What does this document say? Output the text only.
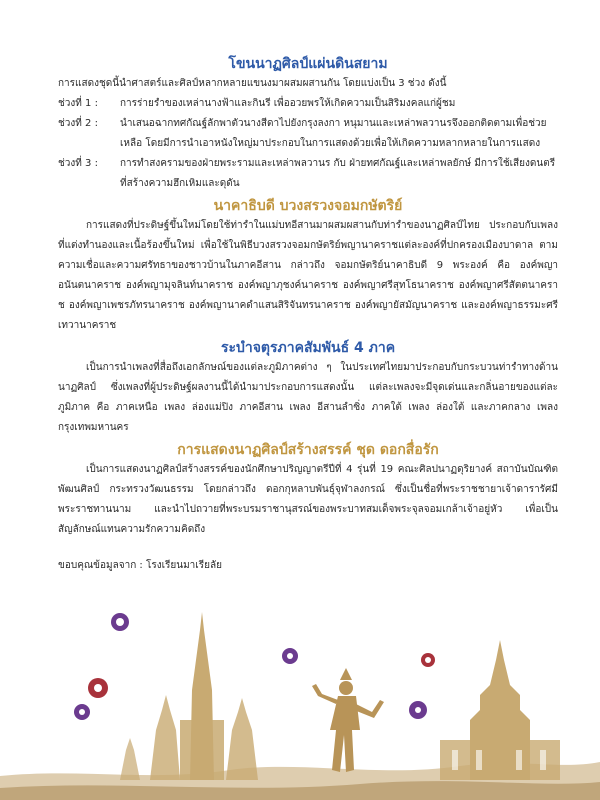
โขนนาฏศิลป์แผ่นดินสยาม

การแสดงชุดนี้นำศาสตร์และศิลป์หลากหลายแขนงมาผสมผสานกัน โดยแบ่งเป็น 3 ช่วง ดังนี้

ช่วงที่ 1 :	การร่ายรำของเหล่านางฟ้าและกินรี เพื่ออวยพรให้เกิดความเป็นสิริมงคลแก่ผู้ชม
ช่วงที่ 2 :	นำเสนอฉากทศกัณฐ์ลักพาตัวนางสีดาไปยังกรุงลงกา หนุมานและเหล่าพลวานรจึงออกติดตามเพื่อช่วยเหลือ โดยมีการนำเอาหนังใหญ่มาประกอบในการแสดงด้วยเพื่อให้เกิดความหลากหลายในการแสดง
ช่วงที่ 3 :	การทำสงครามของฝ่ายพระรามและเหล่าพลวานร กับ ฝ่ายทศกัณฐ์และเหล่าพลยักษ์ มีการใช้เสียงดนตรีที่สร้างความฮึกเหิมและดุดัน
นาคาธิบดี บวงสรวงจอมกษัตริย์

การแสดงที่ประดิษฐ์ขึ้นใหม่โดยใช้ท่ารำในแม่บทอีสานมาผสมผสานกับท่ารำของนาฏศิลป์ไทย ประกอบกับเพลงที่แต่งทำนองและเนื้อร้องขึ้นใหม่ เพื่อใช้ในพิธีบวงสรวงจอมกษัตริย์พญานาคราชแต่ละองค์ที่ปกครองเมืองบาดาล ตามความเชื่อและความศรัทธาของชาวบ้านในภาคอีสาน กล่าวถึง จอมกษัตริย์นาคาธิบดี 9 พระองค์ คือ องค์พญาอนันตนาคราช องค์พญามุจลินท์นาคราช องค์พญาภุชงค์นาคราช องค์พญาศรีสุทโธนาคราช องค์พญาศรีสัตตนาคราช องค์พญาเพชรภัทรนาคราช องค์พญานาคดำแสนสิริจันทรนาคราช องค์พญายัสมัญนาคราช และองค์พญาธรรมะศรีเทวานาคราช

ระบำจตุรภาคสัมพันธ์ 4 ภาค

เป็นการนำเพลงที่สื่อถึงเอกลักษณ์ของแต่ละภูมิภาคต่าง ๆ ในประเทศไทยมาประกอบกับกระบวนท่ารำทางด้านนาฏศิลป์ ซึ่งเพลงที่ผู้ประดิษฐ์ผลงานนี้ได้นำมาประกอบการแสดงนั้น แต่ละเพลงจะมีจุดเด่นและกลิ่นอายของแต่ละภูมิภาค คือ ภาคเหนือ เพลง ล่องแม่ปิง ภาคอีสาน เพลง อีสานลำซิ่ง ภาคใต้ เพลง ล่องใต้ และภาคกลาง เพลง กรุงเทพมหานคร

การแสดงนาฏศิลป์สร้างสรรค์ ชุด ดอกสื่อรัก

เป็นการแสดงนาฏศิลป์สร้างสรรค์ของนักศึกษาปริญญาตรีปีที่ 4 รุ่นที่ 19 คณะศิลปนาฏดุริยางค์ สถาบันบัณฑิตพัฒนศิลป์ กระทรวงวัฒนธรรม โดยกล่าวถึง ดอกกุหลาบพันธุ์จุฬาลงกรณ์ ซึ่งเป็นชื่อที่พระราชชายาเจ้าดารารัศมีพระราชทานนาม และนำไปถวายที่พระบรมราชานุสรณ์ของพระบาทสมเด็จพระจุลจอมเกล้าเจ้าอยู่หัว เพื่อเป็นสัญลักษณ์แทนความรักความคิดถึง

ขอบคุณข้อมูลจาก : โรงเรียนมาเรียลัย
